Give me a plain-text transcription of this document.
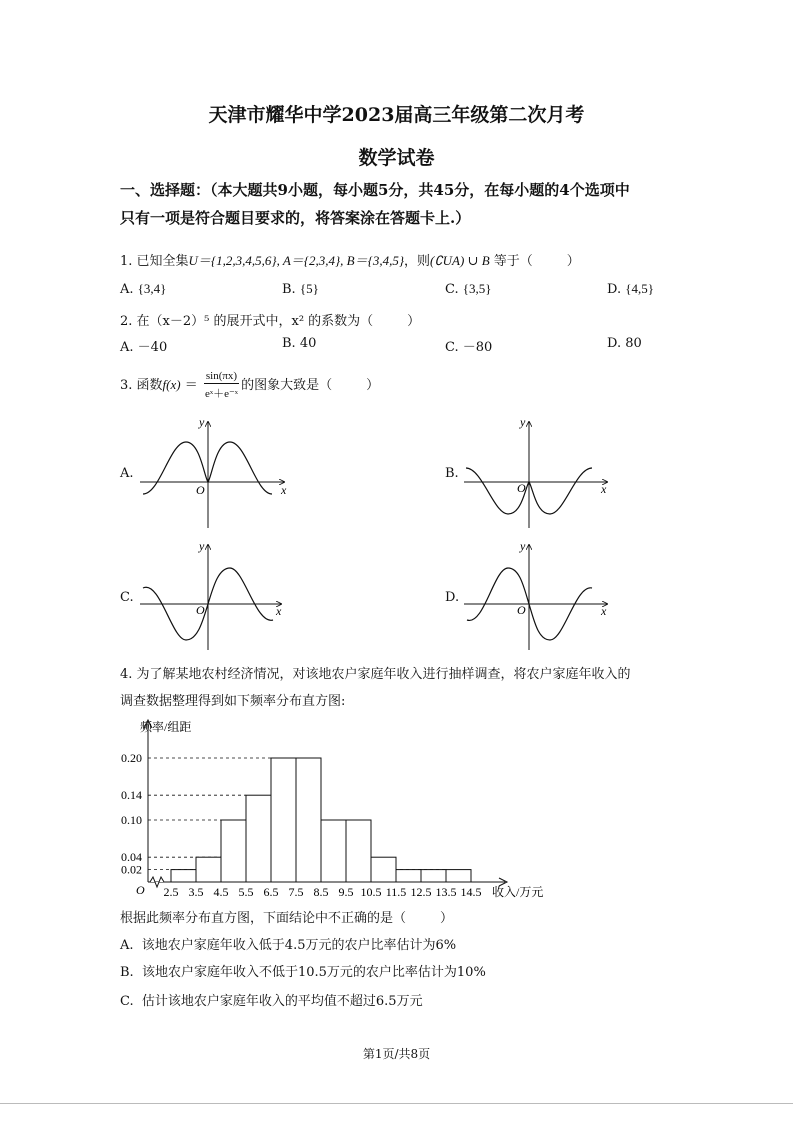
天津市耀华中学2023届高三年级第二次月考
数学试卷
一、选择题：（本大题共9小题，每小题5分，共45分，在每小题的4个选项中
只有一项是符合题目要求的，将答案涂在答题卡上.）
1. 已知全集U＝{1,2,3,4,5,6}, A＝{2,3,4}, B＝{3,4,5}，则(∁UA) ∪ B 等于（	）
A. {3,4}	B. {5}	C. {3,5}	D. {4,5}
2. 在（x－2）⁵ 的展开式中，x² 的系数为（	）
A. －40	B. 40	C. －80	D. 80
3. 函数$f(x) = \frac{\sin(\pi x)}{\text{eˣ＋e⁻ˣ}}$ 的图象大致是（	）
A.	B.
C.	D.
y
x
O
y
x
O
y
x
O
y
x
O
4. 为了解某地农村经济情况，对该地农户家庭年收入进行抽样调查，将农户家庭年收入的
调查数据整理得到如下频率分布直方图:
0.02
0.04
0.10
0.14
0.20
2.5 3.5 4.5 5.5 6.5 7.5 8.5 9.5 10.5 11.5 12.5 13.5 14.5
频率/组距
收入/万元
O
根据此频率分布直方图，下面结论中不正确的是（	）
A. 该地农户家庭年收入低于4.5万元的农户比率估计为6%
B. 该地农户家庭年收入不低于10.5万元的农户比率估计为10%
C. 估计该地农户家庭年收入的平均值不超过6.5万元
第1页/共8页
